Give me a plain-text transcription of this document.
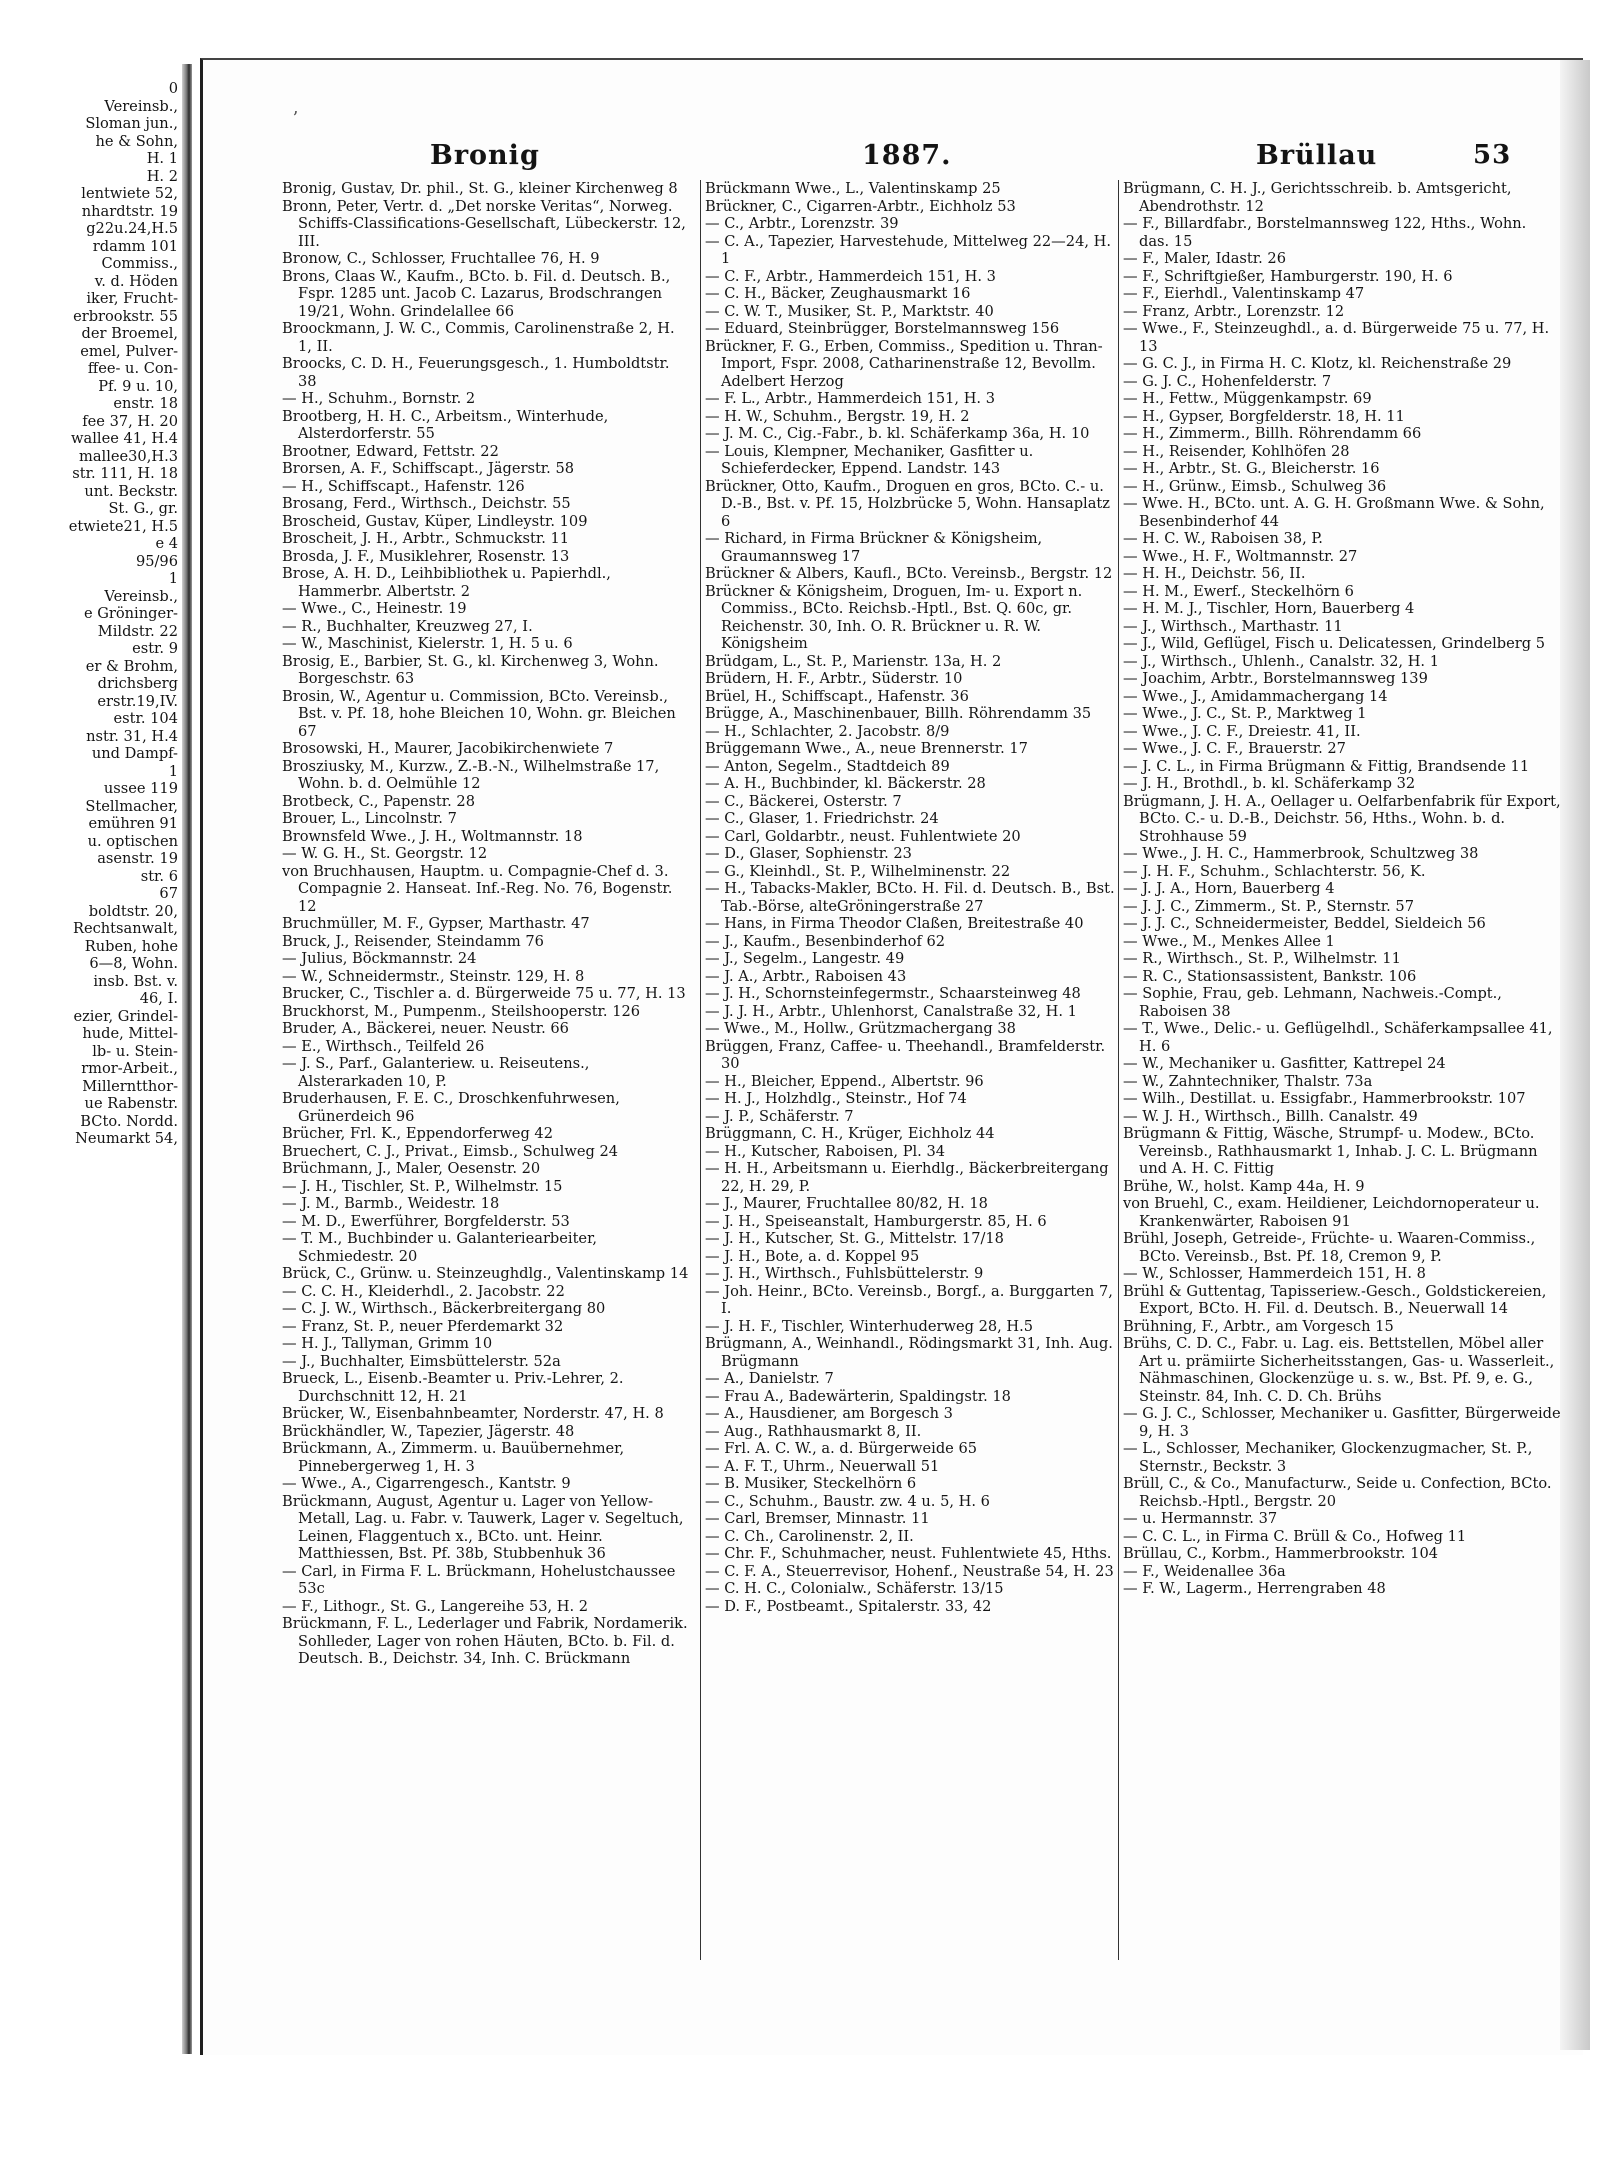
0
Vereinsb.,
Sloman jun.,
he & Sohn,
H. 1
H. 2
lentwiete 52,
nhardtstr. 19
g22u.24,H.5
rdamm 101
Commiss.,
v. d. Höden
iker, Frucht-
erbrookstr. 55
der Broemel,
emel, Pulver-
ffee- u. Con-
Pf. 9 u. 10,
enstr. 18
fee 37, H. 20
wallee 41, H.4
mallee30,H.3
str. 111, H. 18
unt. Beckstr.
St. G., gr.
etwiete21, H.5
e 4
95/96
1
Vereinsb.,
e Gröninger-
Mildstr. 22
estr. 9
er & Brohm,
drichsberg
erstr.19,IV.
estr. 104
nstr. 31, H.4
und Dampf-
1
ussee 119
Stellmacher,
emühren 91
u. optischen
asenstr. 19
str. 6
67
boldtstr. 20,
Rechtsanwalt,
Ruben, hohe
6—8, Wohn.
insb. Bst. v.
46, I.
ezier, Grindel-
hude, Mittel-
lb- u. Stein-
rmor-Arbeit.,
Millerntthor-
ue Rabenstr.
BCto. Nordd.
Neumarkt 54,
ʼ
Bronig	1887.	Brüllau	53
Bronig, Gustav, Dr. phil., St. G., kleiner Kirchenweg 8
Bronn, Peter, Vertr. d. „Det norske Veritas“, Norweg. Schiffs-Classifications-Gesellschaft, Lübeckerstr. 12, III.
Bronow, C., Schlosser, Fruchtallee 76, H. 9
Brons, Claas W., Kaufm., BCto. b. Fil. d. Deutsch. B., Fspr. 1285 unt. Jacob C. Lazarus, Brodschrangen 19/21, Wohn. Grindelallee 66
Broockmann, J. W. C., Commis, Carolinenstraße 2, H. 1, II.
Broocks, C. D. H., Feuerungsgesch., 1. Humboldtstr. 38
— H., Schuhm., Bornstr. 2
Brootberg, H. H. C., Arbeitsm., Winterhude, Alsterdorferstr. 55
Brootner, Edward, Fettstr. 22
Brorsen, A. F., Schiffscapt., Jägerstr. 58
— H., Schiffscapt., Hafenstr. 126
Brosang, Ferd., Wirthsch., Deichstr. 55
Broscheid, Gustav, Küper, Lindleystr. 109
Broscheit, J. H., Arbtr., Schmuckstr. 11
Brosda, J. F., Musiklehrer, Rosenstr. 13
Brose, A. H. D., Leihbibliothek u. Papierhdl., Hammerbr. Albertstr. 2
— Wwe., C., Heinestr. 19
— R., Buchhalter, Kreuzweg 27, I.
— W., Maschinist, Kielerstr. 1, H. 5 u. 6
Brosig, E., Barbier, St. G., kl. Kirchenweg 3, Wohn. Borgeschstr. 63
Brosin, W., Agentur u. Commission, BCto. Vereinsb., Bst. v. Pf. 18, hohe Bleichen 10, Wohn. gr. Bleichen 67
Brosowski, H., Maurer, Jacobikirchenwiete 7
Brosziusky, M., Kurzw., Z.-B.-N., Wilhelmstraße 17, Wohn. b. d. Oelmühle 12
Brotbeck, C., Papenstr. 28
Brouer, L., Lincolnstr. 7
Brownsfeld Wwe., J. H., Woltmannstr. 18
— W. G. H., St. Georgstr. 12
von Bruchhausen, Hauptm. u. Compagnie-Chef d. 3. Compagnie 2. Hanseat. Inf.-Reg. No. 76, Bogenstr. 12
Bruchmüller, M. F., Gypser, Marthastr. 47
Bruck, J., Reisender, Steindamm 76
— Julius, Böckmannstr. 24
— W., Schneidermstr., Steinstr. 129, H. 8
Brucker, C., Tischler a. d. Bürgerweide 75 u. 77, H. 13
Bruckhorst, M., Pumpenm., Steilshooperstr. 126
Bruder, A., Bäckerei, neuer. Neustr. 66
— E., Wirthsch., Teilfeld 26
— J. S., Parf., Galanteriew. u. Reiseutens., Alsterarkaden 10, P.
Bruderhausen, F. E. C., Droschkenfuhrwesen, Grünerdeich 96
Brücher, Frl. K., Eppendorferweg 42
Bruechert, C. J., Privat., Eimsb., Schulweg 24
Brüchmann, J., Maler, Oesenstr. 20
— J. H., Tischler, St. P., Wilhelmstr. 15
— J. M., Barmb., Weidestr. 18
— M. D., Ewerführer, Borgfelderstr. 53
— T. M., Buchbinder u. Galanteriearbeiter, Schmiedestr. 20
Brück, C., Grünw. u. Steinzeughdlg., Valentinskamp 14
— C. C. H., Kleiderhdl., 2. Jacobstr. 22
— C. J. W., Wirthsch., Bäckerbreitergang 80
— Franz, St. P., neuer Pferdemarkt 32
— H. J., Tallyman, Grimm 10
— J., Buchhalter, Eimsbüttelerstr. 52a
Brueck, L., Eisenb.-Beamter u. Priv.-Lehrer, 2. Durchschnitt 12, H. 21
Brücker, W., Eisenbahnbeamter, Norderstr. 47, H. 8
Brückhändler, W., Tapezier, Jägerstr. 48
Brückmann, A., Zimmerm. u. Bauübernehmer, Pinnebergerweg 1, H. 3
— Wwe., A., Cigarrengesch., Kantstr. 9
Brückmann, August, Agentur u. Lager von Yellow-Metall, Lag. u. Fabr. v. Tauwerk, Lager v. Segeltuch, Leinen, Flaggentuch x., BCto. unt. Heinr. Matthiessen, Bst. Pf. 38b, Stubbenhuk 36
— Carl, in Firma F. L. Brückmann, Hohelustchaussee 53c
— F., Lithogr., St. G., Langereihe 53, H. 2
Brückmann, F. L., Lederlager und Fabrik, Nordamerik. Sohlleder, Lager von rohen Häuten, BCto. b. Fil. d. Deutsch. B., Deichstr. 34, Inh. C. Brückmann
Brückmann Wwe., L., Valentinskamp 25
Brückner, C., Cigarren-Arbtr., Eichholz 53
— C., Arbtr., Lorenzstr. 39
— C. A., Tapezier, Harvestehude, Mittelweg 22—24, H. 1
— C. F., Arbtr., Hammerdeich 151, H. 3
— C. H., Bäcker, Zeughausmarkt 16
— C. W. T., Musiker, St. P., Marktstr. 40
— Eduard, Steinbrügger, Borstelmannsweg 156
Brückner, F. G., Erben, Commiss., Spedition u. Thran-Import, Fspr. 2008, Catharinenstraße 12, Bevollm. Adelbert Herzog
— F. L., Arbtr., Hammerdeich 151, H. 3
— H. W., Schuhm., Bergstr. 19, H. 2
— J. M. C., Cig.-Fabr., b. kl. Schäferkamp 36a, H. 10
— Louis, Klempner, Mechaniker, Gasfitter u. Schieferdecker, Eppend. Landstr. 143
Brückner, Otto, Kaufm., Droguen en gros, BCto. C.- u. D.-B., Bst. v. Pf. 15, Holzbrücke 5, Wohn. Hansaplatz 6
— Richard, in Firma Brückner & Königsheim, Graumannsweg 17
Brückner & Albers, Kaufl., BCto. Vereinsb., Bergstr. 12
Brückner & Königsheim, Droguen, Im- u. Export n. Commiss., BCto. Reichsb.-Hptl., Bst. Q. 60c, gr. Reichenstr. 30, Inh. O. R. Brückner u. R. W. Königsheim
Brüdgam, L., St. P., Marienstr. 13a, H. 2
Brüdern, H. F., Arbtr., Süderstr. 10
Brüel, H., Schiffscapt., Hafenstr. 36
Brügge, A., Maschinenbauer, Billh. Röhrendamm 35
— H., Schlachter, 2. Jacobstr. 8/9
Brüggemann Wwe., A., neue Brennerstr. 17
— Anton, Segelm., Stadtdeich 89
— A. H., Buchbinder, kl. Bäckerstr. 28
— C., Bäckerei, Osterstr. 7
— C., Glaser, 1. Friedrichstr. 24
— Carl, Goldarbtr., neust. Fuhlentwiete 20
— D., Glaser, Sophienstr. 23
— G., Kleinhdl., St. P., Wilhelminenstr. 22
— H., Tabacks-Makler, BCto. H. Fil. d. Deutsch. B., Bst. Tab.-Börse, alteGröningerstraße 27
— Hans, in Firma Theodor Claßen, Breitestraße 40
— J., Kaufm., Besenbinderhof 62
— J., Segelm., Langestr. 49
— J. A., Arbtr., Raboisen 43
— J. H., Schornsteinfegermstr., Schaarsteinweg 48
— J. J. H., Arbtr., Uhlenhorst, Canalstraße 32, H. 1
— Wwe., M., Hollw., Grützmachergang 38
Brüggen, Franz, Caffee- u. Theehandl., Bramfelderstr. 30
— H., Bleicher, Eppend., Albertstr. 96
— H. J., Holzhdlg., Steinstr., Hof 74
— J. P., Schäferstr. 7
Brüggmann, C. H., Krüger, Eichholz 44
— H., Kutscher, Raboisen, Pl. 34
— H. H., Arbeitsmann u. Eierhdlg., Bäckerbreitergang 22, H. 29, P.
— J., Maurer, Fruchtallee 80/82, H. 18
— J. H., Speiseanstalt, Hamburgerstr. 85, H. 6
— J. H., Kutscher, St. G., Mittelstr. 17/18
— J. H., Bote, a. d. Koppel 95
— J. H., Wirthsch., Fuhlsbüttelerstr. 9
— Joh. Heinr., BCto. Vereinsb., Borgf., a. Burggarten 7, I.
— J. H. F., Tischler, Winterhuderweg 28, H.5
Brügmann, A., Weinhandl., Rödingsmarkt 31, Inh. Aug. Brügmann
— A., Danielstr. 7
— Frau A., Badewärterin, Spaldingstr. 18
— A., Hausdiener, am Borgesch 3
— Aug., Rathhausmarkt 8, II.
— Frl. A. C. W., a. d. Bürgerweide 65
— A. F. T., Uhrm., Neuerwall 51
— B. Musiker, Steckelhörn 6
— C., Schuhm., Baustr. zw. 4 u. 5, H. 6
— Carl, Bremser, Minnastr. 11
— C. Ch., Carolinenstr. 2, II.
— Chr. F., Schuhmacher, neust. Fuhlentwiete 45, Hths.
— C. F. A., Steuerrevisor, Hohenf., Neustraße 54, H. 23
— C. H. C., Colonialw., Schäferstr. 13/15
— D. F., Postbeamt., Spitalerstr. 33, 42
Brügmann, C. H. J., Gerichtsschreib. b. Amtsgericht, Abendrothstr. 12
— F., Billardfabr., Borstelmannsweg 122, Hths., Wohn. das. 15
— F., Maler, Idastr. 26
— F., Schriftgießer, Hamburgerstr. 190, H. 6
— F., Eierhdl., Valentinskamp 47
— Franz, Arbtr., Lorenzstr. 12
— Wwe., F., Steinzeughdl., a. d. Bürgerweide 75 u. 77, H. 13
— G. C. J., in Firma H. C. Klotz, kl. Reichenstraße 29
— G. J. C., Hohenfelderstr. 7
— H., Fettw., Müggenkampstr. 69
— H., Gypser, Borgfelderstr. 18, H. 11
— H., Zimmerm., Billh. Röhrendamm 66
— H., Reisender, Kohlhöfen 28
— H., Arbtr., St. G., Bleicherstr. 16
— H., Grünw., Eimsb., Schulweg 36
— Wwe. H., BCto. unt. A. G. H. Großmann Wwe. & Sohn, Besenbinderhof 44
— H. C. W., Raboisen 38, P.
— Wwe., H. F., Woltmannstr. 27
— H. H., Deichstr. 56, II.
— H. M., Ewerf., Steckelhörn 6
— H. M. J., Tischler, Horn, Bauerberg 4
— J., Wirthsch., Marthastr. 11
— J., Wild, Geflügel, Fisch u. Delicatessen, Grindelberg 5
— J., Wirthsch., Uhlenh., Canalstr. 32, H. 1
— Joachim, Arbtr., Borstelmannsweg 139
— Wwe., J., Amidammachergang 14
— Wwe., J. C., St. P., Marktweg 1
— Wwe., J. C. F., Dreiestr. 41, II.
— Wwe., J. C. F., Brauerstr. 27
— J. C. L., in Firma Brügmann & Fittig, Brandsende 11
— J. H., Brothdl., b. kl. Schäferkamp 32
Brügmann, J. H. A., Oellager u. Oelfarbenfabrik für Export, BCto. C.- u. D.-B., Deichstr. 56, Hths., Wohn. b. d. Strohhause 59
— Wwe., J. H. C., Hammerbrook, Schultzweg 38
— J. H. F., Schuhm., Schlachterstr. 56, K.
— J. J. A., Horn, Bauerberg 4
— J. J. C., Zimmerm., St. P., Sternstr. 57
— J. J. C., Schneidermeister, Beddel, Sieldeich 56
— Wwe., M., Menkes Allee 1
— R., Wirthsch., St. P., Wilhelmstr. 11
— R. C., Stationsassistent, Bankstr. 106
— Sophie, Frau, geb. Lehmann, Nachweis.-Compt., Raboisen 38
— T., Wwe., Delic.- u. Geflügelhdl., Schäferkampsallee 41, H. 6
— W., Mechaniker u. Gasfitter, Kattrepel 24
— W., Zahntechniker, Thalstr. 73a
— Wilh., Destillat. u. Essigfabr., Hammerbrookstr. 107
— W. J. H., Wirthsch., Billh. Canalstr. 49
Brügmann & Fittig, Wäsche, Strumpf- u. Modew., BCto. Vereinsb., Rathhausmarkt 1, Inhab. J. C. L. Brügmann und A. H. C. Fittig
Brühe, W., holst. Kamp 44a, H. 9
von Bruehl, C., exam. Heildiener, Leichdornoperateur u. Krankenwärter, Raboisen 91
Brühl, Joseph, Getreide-, Früchte- u. Waaren-Commiss., BCto. Vereinsb., Bst. Pf. 18, Cremon 9, P.
— W., Schlosser, Hammerdeich 151, H. 8
Brühl & Guttentag, Tapisseriew.-Gesch., Goldstickereien, Export, BCto. H. Fil. d. Deutsch. B., Neuerwall 14
Brühning, F., Arbtr., am Vorgesch 15
Brühs, C. D. C., Fabr. u. Lag. eis. Bettstellen, Möbel aller Art u. prämiirte Sicherheitsstangen, Gas- u. Wasserleit., Nähmaschinen, Glockenzüge u. s. w., Bst. Pf. 9, e. G., Steinstr. 84, Inh. C. D. Ch. Brühs
— G. J. C., Schlosser, Mechaniker u. Gasfitter, Bürgerweide 9, H. 3
— L., Schlosser, Mechaniker, Glockenzugmacher, St. P., Sternstr., Beckstr. 3
Brüll, C., & Co., Manufacturw., Seide u. Confection, BCto. Reichsb.-Hptl., Bergstr. 20
— u. Hermannstr. 37
— C. C. L., in Firma C. Brüll & Co., Hofweg 11
Brüllau, C., Korbm., Hammerbrookstr. 104
— F., Weidenallee 36a
— F. W., Lagerm., Herrengraben 48
